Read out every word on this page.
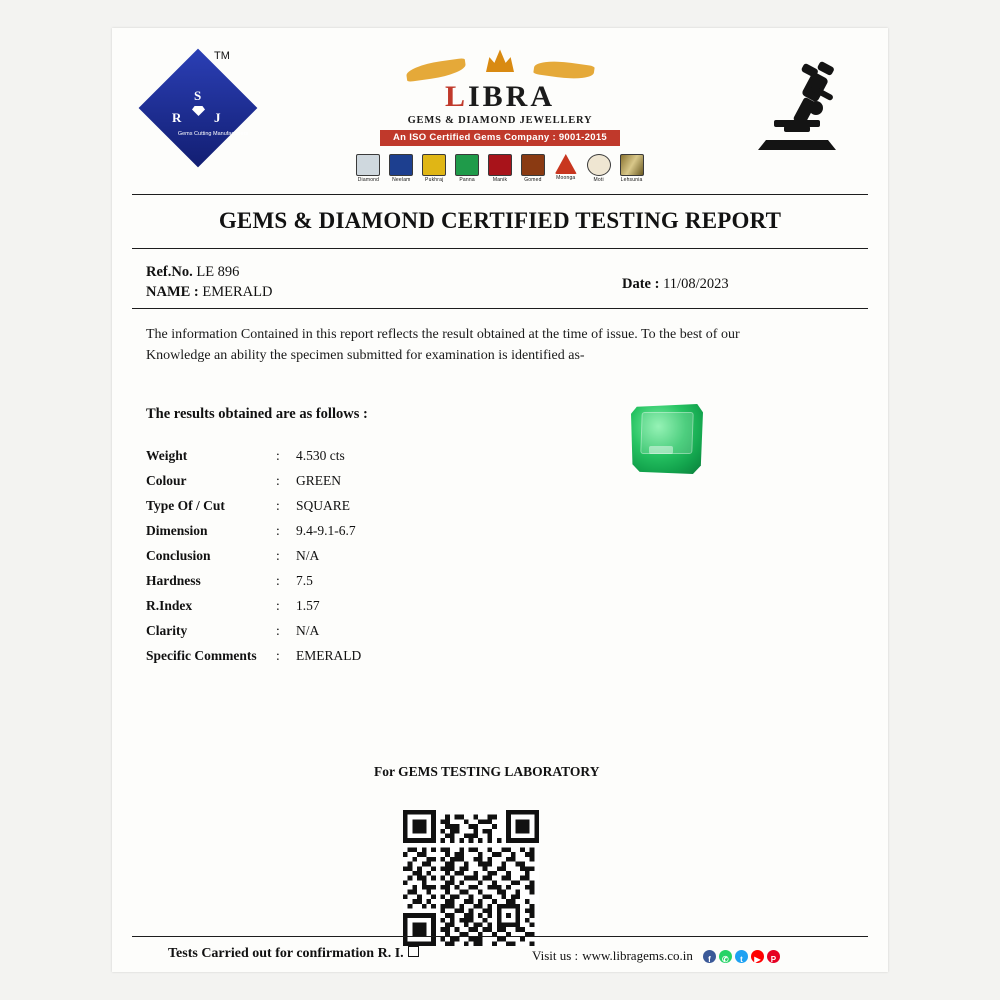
TM
S
R	J
Gems Cutting Manufacturers
LIBRA
GEMS & DIAMOND JEWELLERY
An ISO Certified Gems Company : 9001-2015
Diamond	Neelam	Pukhraj	Panna	Manik	Gomed	Moonga	Moti	Lehsunia
GEMS & DIAMOND CERTIFIED TESTING REPORT
Ref.No. LE 896
NAME : EMERALD	Date : 11/08/2023
The information Contained in this report reflects the result obtained at the time of issue. To the best of our Knowledge an ability the specimen submitted for examination is identified as-
The results obtained are as follows :
Weight	:	4.530 cts
Colour	:	GREEN
Type Of / Cut	:	SQUARE
Dimension	:	9.4-9.1-6.7
Conclusion	:	N/A
Hardness	:	7.5
R.Index	:	1.57
Clarity	:	N/A
Specific Comments	:	EMERALD
For GEMS TESTING LABORATORY
Tests Carried out for confirmation R. I.	Visit us : www.libragems.co.in	f	✆	t	▶	P
